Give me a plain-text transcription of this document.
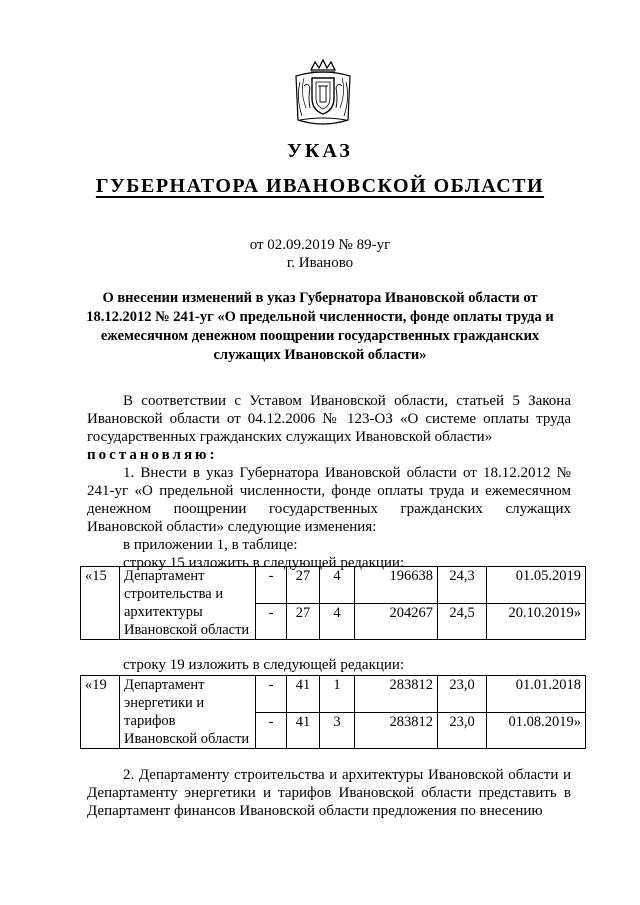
УКАЗ
ГУБЕРНАТОРА ИВАНОВСКОЙ ОБЛАСТИ
от 02.09.2019 № 89-уг
г. Иваново
О внесении изменений в указ Губернатора Ивановской области от 18.12.2012 № 241-уг «О предельной численности, фонде оплаты труда и ежемесячном денежном поощрении государственных гражданских служащих Ивановской области»

В соответствии с Уставом Ивановской области, статьей 5 Закона Ивановской области от 04.12.2006 № 123-ОЗ «О системе оплаты труда государственных гражданских служащих Ивановской области»

постановляю:

1. Внести в указ Губернатора Ивановской области от 18.12.2012 № 241-уг «О предельной численности, фонде оплаты труда и ежемесячном денежном поощрении государственных гражданских служащих Ивановской области» следующие изменения:

в приложении 1, в таблице:

строку 15 изложить в следующей редакции:

«15	Департамент строительства и архитектуры Ивановской области	-	27	4	196638	24,3	01.05.2019
		-	27	4	204267	24,5	20.10.2019»

строку 19 изложить в следующей редакции:

«19	Департамент энергетики и тарифов Ивановской области	-	41	1	283812	23,0	01.01.2018
		-	41	3	283812	23,0	01.08.2019»

2. Департаменту строительства и архитектуры Ивановской области и Департаменту энергетики и тарифов Ивановской области представить в Департамент финансов Ивановской области предложения по внесению
